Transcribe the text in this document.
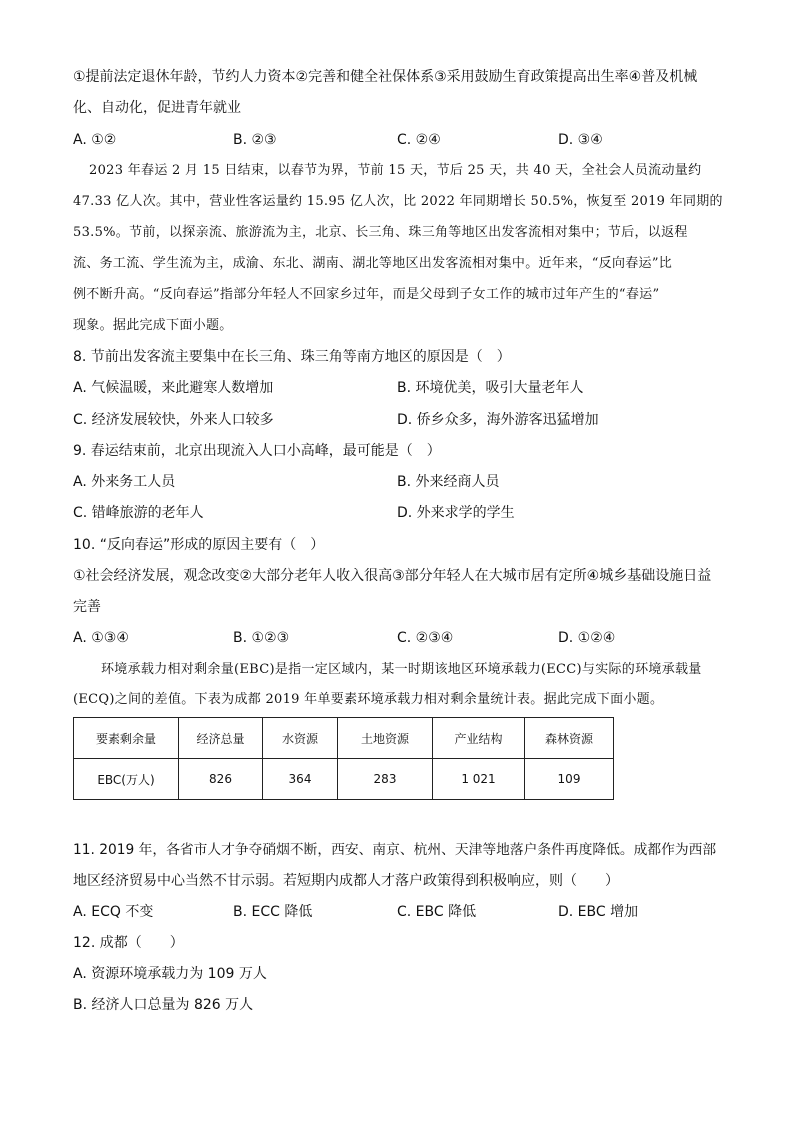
①提前法定退休年龄，节约人力资本②完善和健全社保体系③采用鼓励生育政策提高出生率④普及机械
化、自动化，促进青年就业
A. ①②	B. ②③	C. ②④	D. ③④
2023 年春运 2 月 15 日结束，以春节为界，节前 15 天，节后 25 天，共 40 天，全社会人员流动量约
47.33 亿人次。其中，营业性客运量约 15.95 亿人次，比 2022 年同期增长 50.5%，恢复至 2019 年同期的
53.5%。节前，以探亲流、旅游流为主，北京、长三角、珠三角等地区出发客流相对集中；节后，以返程
流、务工流、学生流为主，成渝、东北、湖南、湖北等地区出发客流相对集中。近年来，“反向春运”比
例不断升高。“反向春运”指部分年轻人不回家乡过年，而是父母到子女工作的城市过年产生的“春运”
现象。据此完成下面小题。
8. 节前出发客流主要集中在长三角、珠三角等南方地区的原因是（　）
A. 气候温暖，来此避寒人数增加	B. 环境优美，吸引大量老年人
C. 经济发展较快，外来人口较多	D. 侨乡众多，海外游客迅猛增加
9. 春运结束前，北京出现流入人口小高峰，最可能是（　）
A. 外来务工人员	B. 外来经商人员
C. 错峰旅游的老年人	D. 外来求学的学生
10. “反向春运”形成的原因主要有（　）
①社会经济发展，观念改变②大部分老年人收入很高③部分年轻人在大城市居有定所④城乡基础设施日益
完善
A. ①③④	B. ①②③	C. ②③④	D. ①②④
环境承载力相对剩余量(EBC)是指一定区域内，某一时期该地区环境承载力(ECC)与实际的环境承载量
(ECQ)之间的差值。下表为成都 2019 年单要素环境承载力相对剩余量统计表。据此完成下面小题。
要素剩余量	经济总量	水资源	土地资源	产业结构	森林资源
EBC(万人)	826	364	283	1 021	109
11. 2019 年，各省市人才争夺硝烟不断，西安、南京、杭州、天津等地落户条件再度降低。成都作为西部
地区经济贸易中心当然不甘示弱。若短期内成都人才落户政策得到积极响应，则（　　）
A. ECQ 不变	B. ECC 降低	C. EBC 降低	D. EBC 增加
12. 成都（　　）
A. 资源环境承载力为 109 万人
B. 经济人口总量为 826 万人
